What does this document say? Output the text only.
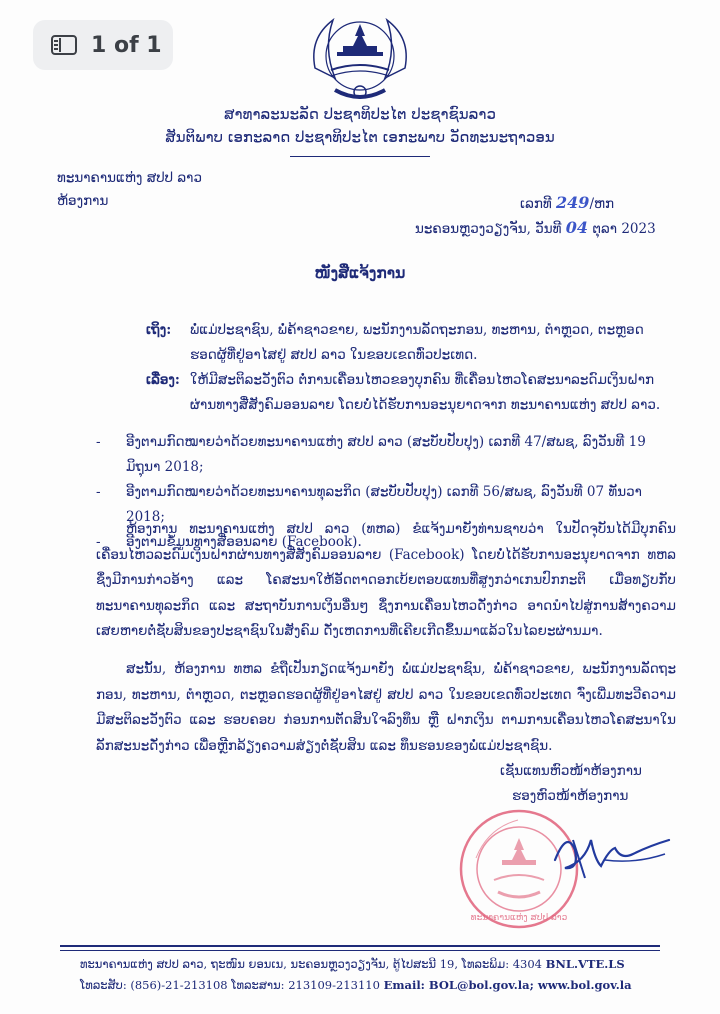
1 of 1
ສາທາລະນະລັດ ປະຊາທິປະໄຕ ປະຊາຊົນລາວ
ສັນຕິພາບ ເອກະລາດ ປະຊາທິປະໄຕ ເອກະພາບ ວັດທະນະຖາວອນ
ທະນາຄານແຫ່ງ ສປປ ລາວ
ຫ້ອງການ	ເລກທີ 249/ຫກ
ນະຄອນຫຼວງວຽງຈັນ, ວັນທີ 04 ຕຸລາ 2023
ໜັງສືແຈ້ງການ
ເຖິງ:	ພໍ່ແມ່ປະຊາຊົນ, ພໍ່ຄ້າຊາວຂາຍ, ພະນັກງານລັດຖະກອນ, ທະຫານ, ຕຳຫຼວດ, ຕະຫຼອດຮອດຜູ້ທີ່ຢູ່ອາໄສຢູ່ ສປປ ລາວ ໃນຂອບເຂດທົ່ວປະເທດ.
ເລື່ອງ: ໃຫ້ມີສະຕິລະວັງຕົວ ຕໍ່ການເຄື່ອນໄຫວຂອງບຸກຄົນ ທີ່ເຄື່ອນໄຫວໂຄສະນາລະດົມເງິນຝາກ ຜ່ານທາງສື່ສັງຄົມອອນລາຍ ໂດຍບໍ່ໄດ້ຮັບການອະນຸຍາດຈາກ ທະນາຄານແຫ່ງ ສປປ ລາວ.
-	ອີງຕາມກົດໝາຍວ່າດ້ວຍທະນາຄານແຫ່ງ ສປປ ລາວ (ສະບັບປັບປຸງ) ເລກທີ 47/ສພຊ, ລົງວັນທີ 19 ມິຖຸນາ 2018;
-	ອີງຕາມກົດໝາຍວ່າດ້ວຍທະນາຄານທຸລະກິດ (ສະບັບປັບປຸງ) ເລກທີ 56/ສພຊ, ລົງວັນທີ 07 ທັນວາ 2018;
-	ອີງຕາມຂໍ້ມູນທາງສື່ອອນລາຍ (Facebook).
ຫ້ອງການ ທະນາຄານແຫ່ງ ສປປ ລາວ (ທຫລ) ຂໍແຈ້ງມາຍັງທ່ານຊາບວ່າ ໃນປັດຈຸບັນໄດ້ມີບຸກຄົນ ເຄື່ອນໄຫວລະດົມເງິນຝາກຜ່ານທາງສື່ສັງຄົມອອນລາຍ (Facebook) ໂດຍບໍ່ໄດ້ຮັບການອະນຸຍາດຈາກ ທຫລ ຊຶ່ງມີການກ່າວອ້າງ ແລະ ໂຄສະນາໃຫ້ອັດຕາດອກເບ້ຍຕອບແທນທີ່ສູງກວ່າເກນປົກກະຕິ ເມື່ອທຽບກັບທະນາຄານທຸລະກິດ ແລະ ສະຖາບັນການເງິນອື່ນໆ ຊຶ່ງການເຄື່ອນໄຫວດັ່ງກ່າວ ອາດນຳໄປສູ່ການສ້າງຄວາມເສຍຫາຍຕໍ່ຊັບສິນຂອງປະຊາຊົນໃນສັງຄົມ ດັ່ງເຫດການທີ່ເຄີຍເກີດຂຶ້ນມາແລ້ວໃນໄລຍະຜ່ານມາ.
ສະນັ້ນ, ຫ້ອງການ ທຫລ ຂໍຖືເປັນກຽດແຈ້ງມາຍັງ ພໍ່ແມ່ປະຊາຊົນ, ພໍ່ຄ້າຊາວຂາຍ, ພະນັກງານລັດຖະກອນ, ທະຫານ, ຕຳຫຼວດ, ຕະຫຼອດຮອດຜູ້ທີ່ຢູ່ອາໄສຢູ່ ສປປ ລາວ ໃນຂອບເຂດທົ່ວປະເທດ ຈົ່ງເພີ່ມທະວີຄວາມມີສະຕິລະວັງຕົວ ແລະ ຮອບຄອບ ກ່ອນການຕັດສິນໃຈລົງທຶນ ຫຼື ຝາກເງິນ ຕາມການເຄື່ອນໄຫວໂຄສະນາໃນລັກສະນະດັ່ງກ່າວ ເພື່ອຫຼີກລ້ຽງຄວາມສ່ຽງຕໍ່ຊັບສິນ ແລະ ທຶນຮອນຂອງພໍ່ແມ່ປະຊາຊົນ.
ເຊັນແທນຫົວໜ້າຫ້ອງການ
ຮອງຫົວໜ້າຫ້ອງການ
ທະນາຄານແຫ່ງ ສປປ ລາວ
ທະນາຄານແຫ່ງ ສປປ ລາວ, ຖະໜົນ ຍອນເນ, ນະຄອນຫຼວງວຽງຈັນ, ຕູ້ໄປສະນີ 19, ໂທລະພິມ: 4304 BNL.VTE.LS
ໂທລະສັບ: (856)-21-213108 ໂທລະສານ: 213109-213110 Email: BOL@bol.gov.la; www.bol.gov.la
